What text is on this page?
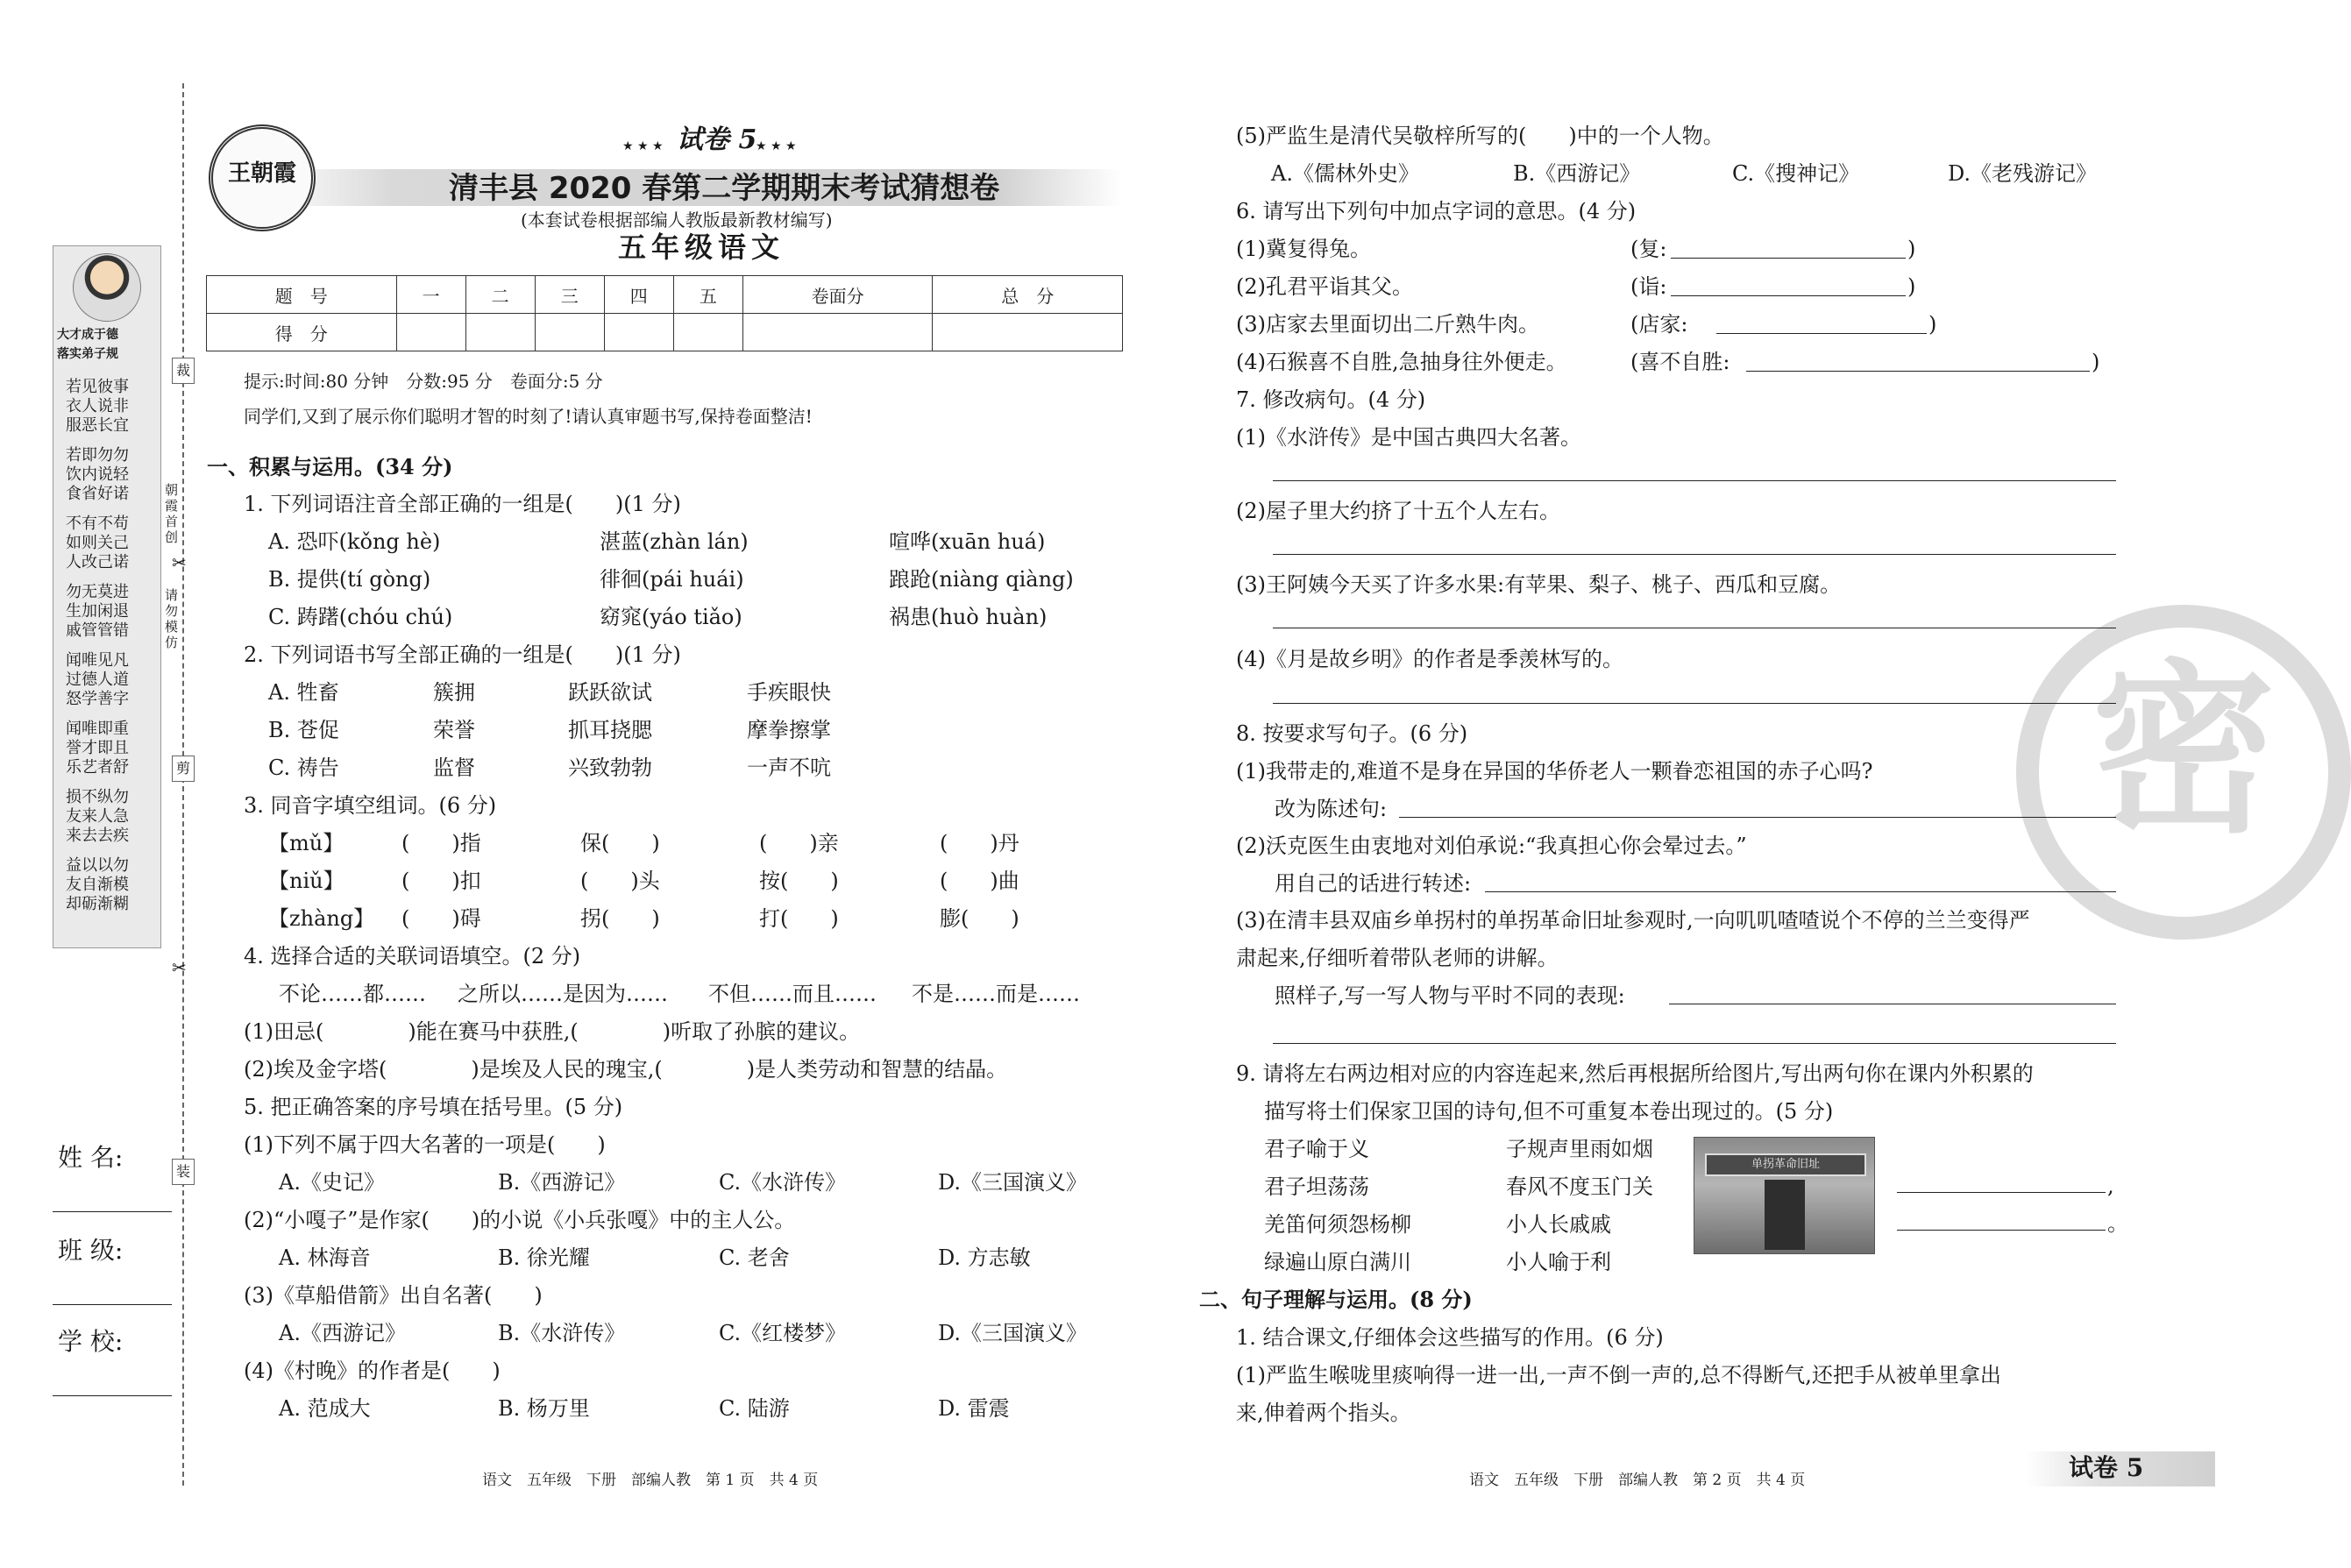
裁
✂
剪
✂
装
朝霞首创
请勿模仿
大才成于德
落实弟子规
若见彼事
衣人说非
服恶长宜
若即勿勿
饮内说轻
食省好诺
不有不苟
如则关己
人改己诺
勿无莫进
生加闲退
戚管管错
闻唯见凡
过德人道
怒学善字
闻唯即重
誉才即且
乐艺者舒
损不纵勿
友来人急
来去去疾
益以以勿
友自渐模
却砺渐糊
姓 名:
班 级:
学 校:
王朝霞
★ ★ ★ 试卷 5
★ ★ ★
清丰县 2020 春第二学期期末考试猜想卷
(本套试卷根据部编人教版最新教材编写)
五年级语文
题　号	一	二	三	四	五	卷面分	总　分
得　分							
提示:时间:80 分钟　分数:95 分　卷面分:5 分
同学们,又到了展示你们聪明才智的时刻了!请认真审题书写,保持卷面整洁!
一、积累与运用。(34 分)
1. 下列词语注音全部正确的一组是(　　)(1 分)
A. 恐吓(kǒng hè)	湛蓝(zhàn lán)	喧哗(xuān huá)
B. 提供(tí gòng)	徘徊(pái huái)	踉跄(niàng qiàng)
C. 踌躇(chóu chú)	窈窕(yáo tiǎo)	祸患(huò huàn)
2. 下列词语书写全部正确的一组是(　　)(1 分)
A. 牲畜	簇拥	跃跃欲试	手疾眼快
B. 苍促	荣誉	抓耳挠腮	摩拳擦掌
C. 祷告	监督	兴致勃勃	一声不吭
3. 同音字填空组词。(6 分)
【mǔ】	(　　)指	保(　　)	(　　)亲	(　　)丹
【niǔ】	(　　)扣	(　　)头	按(　　)	(　　)曲
【zhàng】 (　　)碍	拐(　　)	打(　　)	膨(　　)
4. 选择合适的关联词语填空。(2 分)
不论……都…… 之所以……是因为…… 不但……而且…… 不是……而是……
(1)田忌(　　　　)能在赛马中获胜,(　　　　)听取了孙膑的建议。
(2)埃及金字塔(　　　　)是埃及人民的瑰宝,(　　　　)是人类劳动和智慧的结晶。
5. 把正确答案的序号填在括号里。(5 分)
(1)下列不属于四大名著的一项是(　　)
A.《史记》	B.《西游记》	C.《水浒传》	D.《三国演义》
(2)“小嘎子”是作家(　　)的小说《小兵张嘎》中的主人公。
A. 林海音	B. 徐光耀	C. 老舍	D. 方志敏
(3)《草船借箭》出自名著(　　)
A.《西游记》	B.《水浒传》	C.《红楼梦》	D.《三国演义》
(4)《村晚》的作者是(　　)
A. 范成大	B. 杨万里	C. 陆游	D. 雷震
语文　五年级　下册　部编人教　第 1 页　共 4 页
密
(5)严监生是清代吴敬梓所写的(　　)中的一个人物。
A.《儒林外史》	B.《西游记》	C.《搜神记》	D.《老残游记》
6. 请写出下列句中加点字词的意思。(4 分)
(1)冀复得兔。	(复:	)
(2)孔君平诣其父。	(诣:	)
(3)店家去里面切出二斤熟牛肉。	(店家:	)
(4)石猴喜不自胜,急抽身往外便走。	(喜不自胜:	)
7. 修改病句。(4 分)
(1)《水浒传》是中国古典四大名著。
(2)屋子里大约挤了十五个人左右。
(3)王阿姨今天买了许多水果:有苹果、梨子、桃子、西瓜和豆腐。
(4)《月是故乡明》的作者是季羡林写的。
8. 按要求写句子。(6 分)
(1)我带走的,难道不是身在异国的华侨老人一颗眷恋祖国的赤子心吗?
改为陈述句:
(2)沃克医生由衷地对刘伯承说:“我真担心你会晕过去。”
用自己的话进行转述:
(3)在清丰县双庙乡单拐村的单拐革命旧址参观时,一向叽叽喳喳说个不停的兰兰变得严
肃起来,仔细听着带队老师的讲解。
照样子,写一写人物与平时不同的表现:
9. 请将左右两边相对应的内容连起来,然后再根据所给图片,写出两句你在课内外积累的
描写将士们保家卫国的诗句,但不可重复本卷出现过的。(5 分)
君子喻于义
君子坦荡荡
羌笛何须怨杨柳
绿遍山原白满川
子规声里雨如烟
春风不度玉门关
小人长戚戚
小人喻于利
单拐革命旧址
,
。
二、句子理解与运用。(8 分)
1. 结合课文,仔细体会这些描写的作用。(6 分)
(1)严监生喉咙里痰响得一进一出,一声不倒一声的,总不得断气,还把手从被单里拿出
来,伸着两个指头。
语文　五年级　下册　部编人教　第 2 页　共 4 页	试卷 5
